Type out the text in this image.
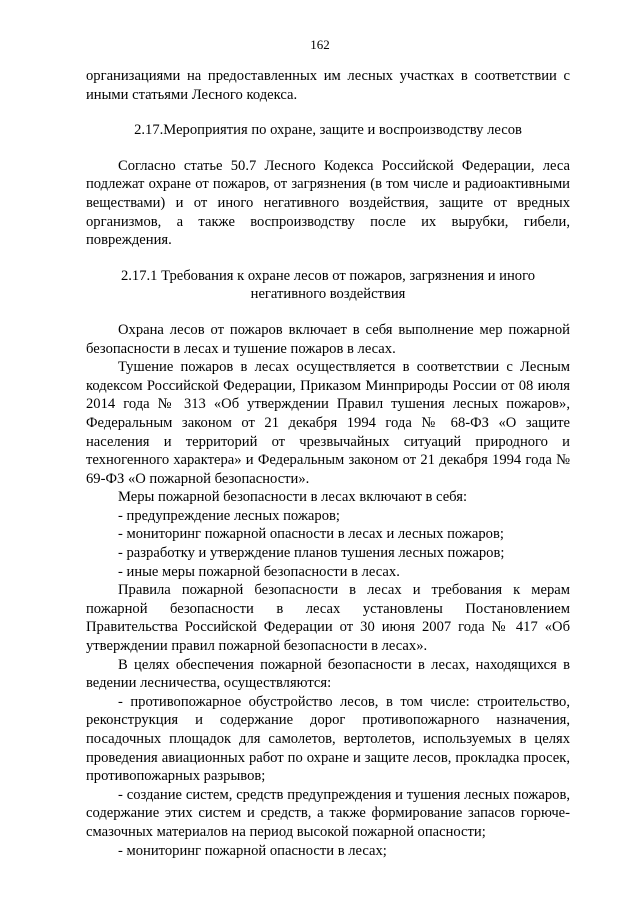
162

организациями на предоставленных им лесных участках в соответствии с иными статьями Лесного кодекса.

2.17.Мероприятия по охране, защите и воспроизводству лесов

Согласно статье 50.7 Лесного Кодекса Российской Федерации, леса подлежат охране от пожаров, от загрязнения (в том числе и радиоактивными веществами) и от иного негативного воздействия, защите от вредных организмов, а также воспроизводству после их вырубки, гибели, повреждения.

2.17.1 Требования к охране лесов от пожаров, загрязнения и иного негативного воздействия

Охрана лесов от пожаров включает в себя выполнение мер пожарной безопасности в лесах и тушение пожаров в лесах.

Тушение пожаров в лесах осуществляется в соответствии с Лесным кодексом Российской Федерации, Приказом Минприроды России от 08 июля 2014 года № 313 «Об утверждении Правил тушения лесных пожаров», Федеральным законом от 21 декабря 1994 года № 68-ФЗ «О защите населения и территорий от чрезвычайных ситуаций природного и техногенного характера» и Федеральным законом от 21 декабря 1994 года № 69-ФЗ «О пожарной безопасности».

Меры пожарной безопасности в лесах включают в себя:

- предупреждение лесных пожаров;

- мониторинг пожарной опасности в лесах и лесных пожаров;

- разработку и утверждение планов тушения лесных пожаров;

- иные меры пожарной безопасности в лесах.

Правила пожарной безопасности в лесах и требования к мерам пожарной безопасности в лесах установлены Постановлением Правительства Российской Федерации от 30 июня 2007 года № 417 «Об утверждении правил пожарной безопасности в лесах».

В целях обеспечения пожарной безопасности в лесах, находящихся в ведении лесничества, осуществляются:

- противопожарное обустройство лесов, в том числе: строительство, реконструкция и содержание дорог противопожарного назначения, посадочных площадок для самолетов, вертолетов, используемых в целях проведения авиационных работ по охране и защите лесов, прокладка просек, противопожарных разрывов;

- создание систем, средств предупреждения и тушения лесных пожаров, содержание этих систем и средств, а также формирование запасов горюче-смазочных материалов на период высокой пожарной опасности;

- мониторинг пожарной опасности в лесах;
